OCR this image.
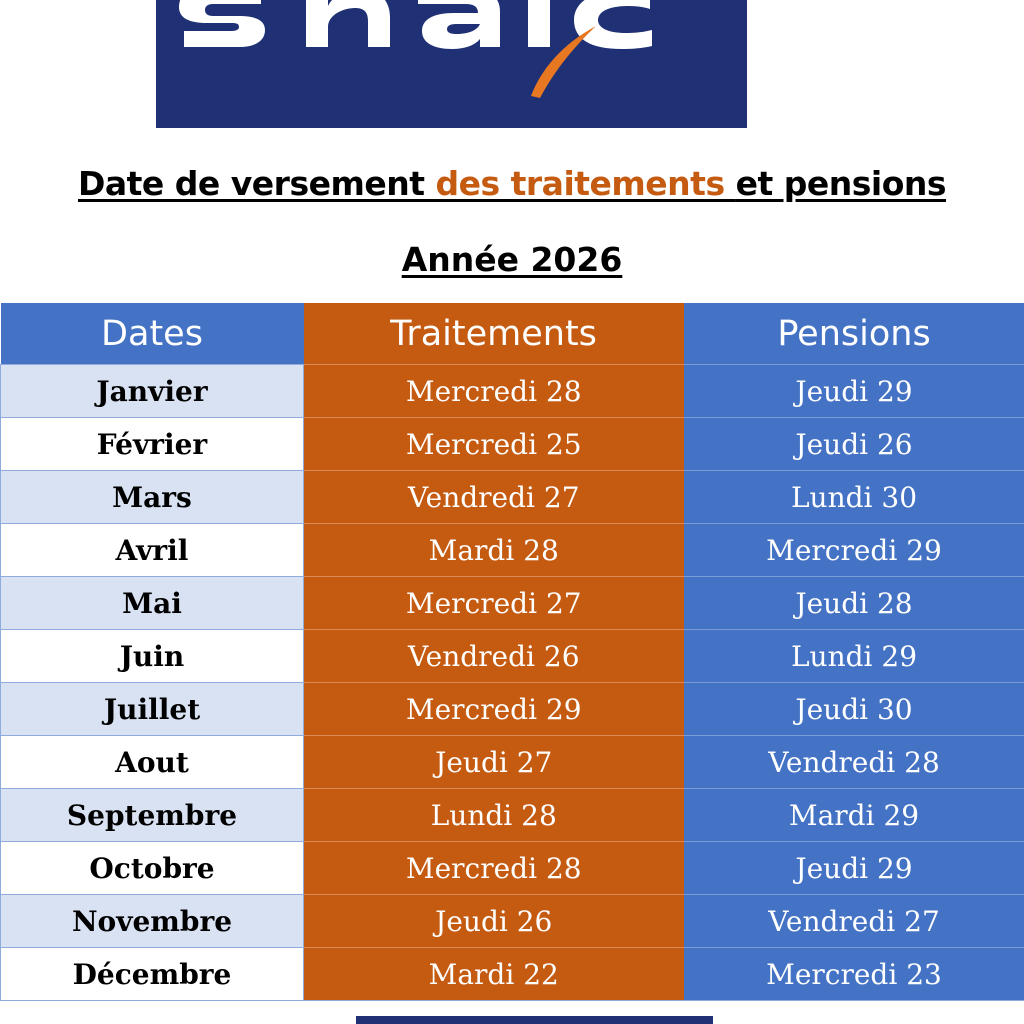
Date de versement des traitements et pensions
Année 2026
Dates	Traitements	Pensions
Janvier	Mercredi 28	Jeudi 29
Février	Mercredi 25	Jeudi 26
Mars	Vendredi 27	Lundi 30
Avril	Mardi 28	Mercredi 29
Mai	Mercredi 27	Jeudi 28
Juin	Vendredi 26	Lundi 29
Juillet	Mercredi 29	Jeudi 30
Aout	Jeudi 27	Vendredi 28
Septembre	Lundi 28	Mardi 29
Octobre	Mercredi 28	Jeudi 29
Novembre	Jeudi 26	Vendredi 27
Décembre	Mardi 22	Mercredi 23
